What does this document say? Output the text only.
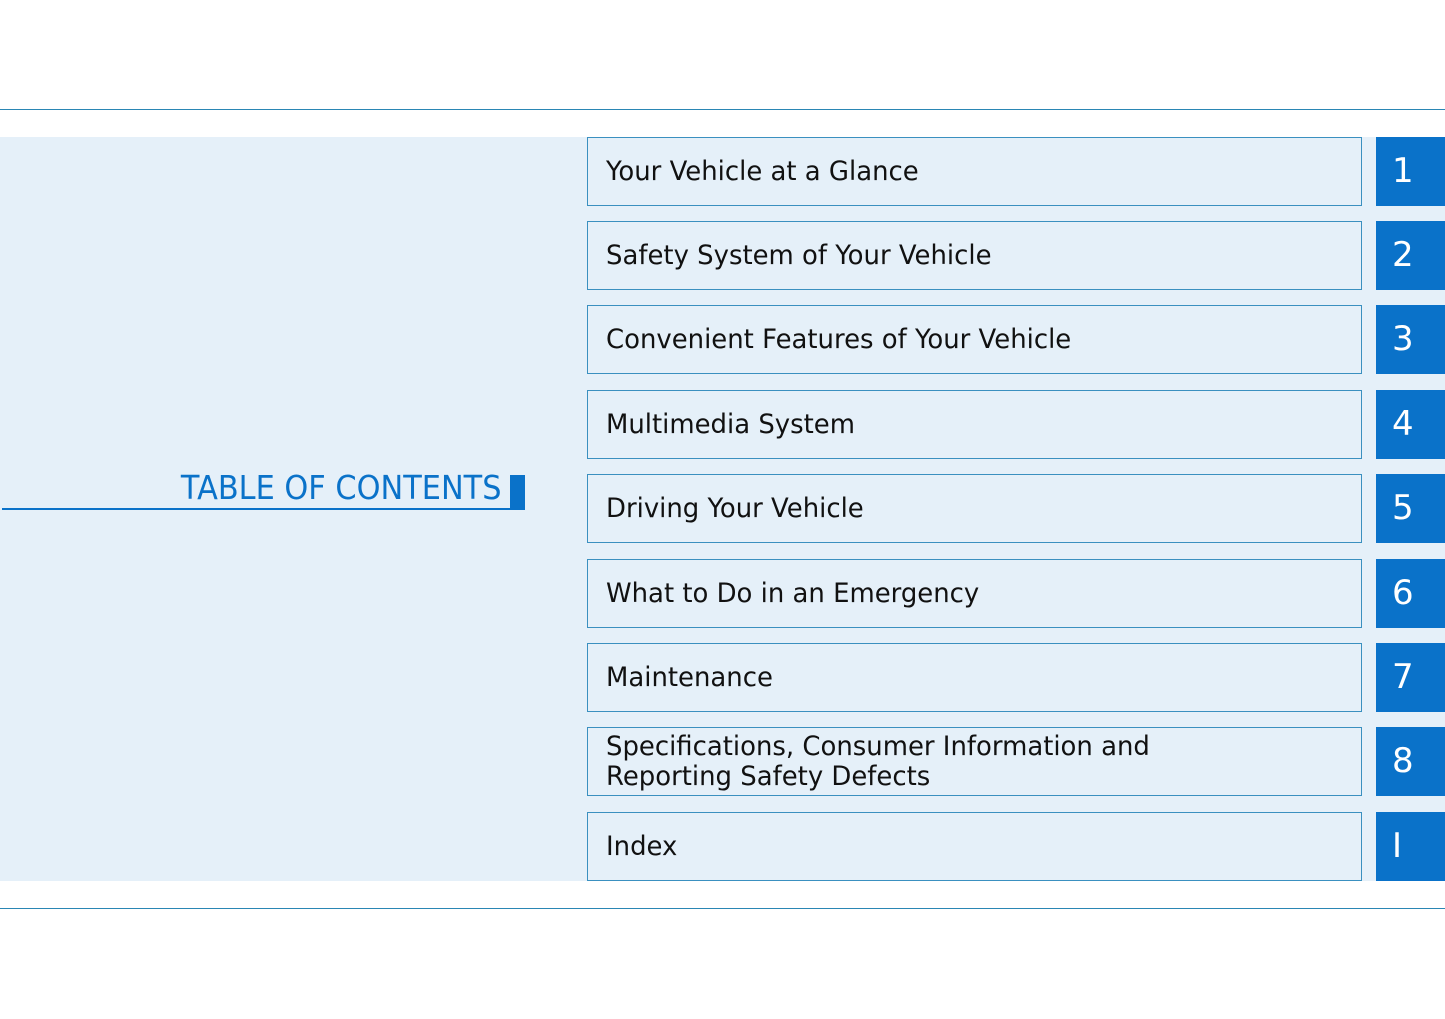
TABLE OF CONTENTS
Your Vehicle at a Glance	1
Safety System of Your Vehicle	2
Convenient Features of Your Vehicle	3
Multimedia System	4
Driving Your Vehicle	5
What to Do in an Emergency	6
Maintenance	7
Specifications, Consumer Information and
Reporting Safety Defects	8
Index	I
